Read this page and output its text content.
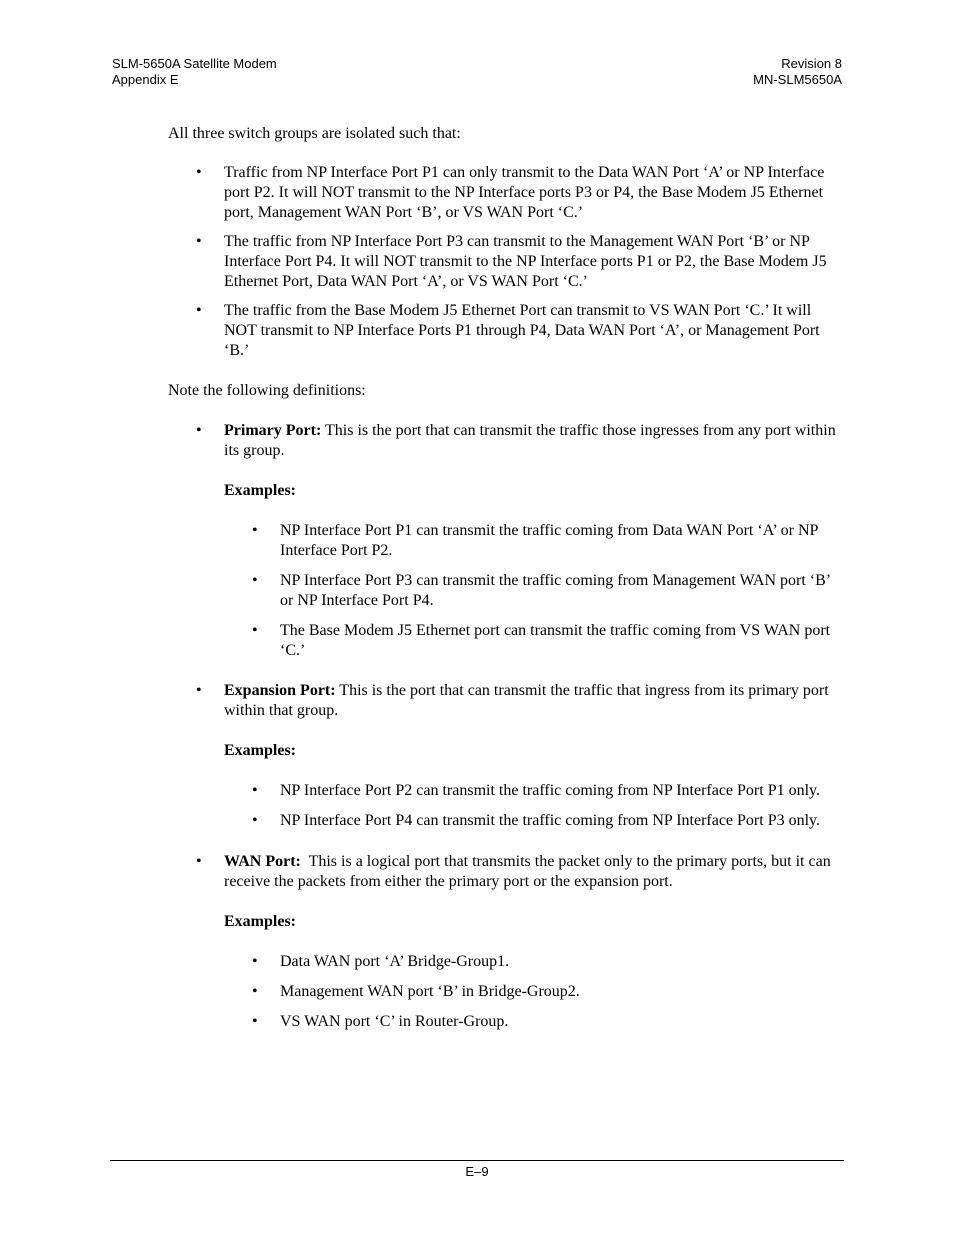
SLM-5650A Satellite Modem
Appendix E
Revision 8
MN-SLM5650A

All three switch groups are isolated such that:

• Traffic from NP Interface Port P1 can only transmit to the Data WAN Port ‘A’ or NP Interface port P2. It will NOT transmit to the NP Interface ports P3 or P4, the Base Modem J5 Ethernet port, Management WAN Port ‘B’, or VS WAN Port ‘C.’
• The traffic from NP Interface Port P3 can transmit to the Management WAN Port ‘B’ or NP Interface Port P4. It will NOT transmit to the NP Interface ports P1 or P2, the Base Modem J5 Ethernet Port, Data WAN Port ‘A’, or VS WAN Port ‘C.’
• The traffic from the Base Modem J5 Ethernet Port can transmit to VS WAN Port ‘C.’ It will NOT transmit to NP Interface Ports P1 through P4, Data WAN Port ‘A’, or Management Port ‘B.’

Note the following definitions:

• Primary Port: This is the port that can transmit the traffic those ingresses from any port within its group.

Examples:

• NP Interface Port P1 can transmit the traffic coming from Data WAN Port ‘A’ or NP Interface Port P2.
• NP Interface Port P3 can transmit the traffic coming from Management WAN port ‘B’ or NP Interface Port P4.
• The Base Modem J5 Ethernet port can transmit the traffic coming from VS WAN port ‘C.’
• Expansion Port: This is the port that can transmit the traffic that ingress from its primary port within that group.

Examples:

• NP Interface Port P2 can transmit the traffic coming from NP Interface Port P1 only.
• NP Interface Port P4 can transmit the traffic coming from NP Interface Port P3 only.
• WAN Port:  This is a logical port that transmits the packet only to the primary ports, but it can receive the packets from either the primary port or the expansion port.

Examples:

• Data WAN port ‘A’ Bridge-Group1.
• Management WAN port ‘B’ in Bridge-Group2.
• VS WAN port ‘C’ in Router-Group.
E–9
